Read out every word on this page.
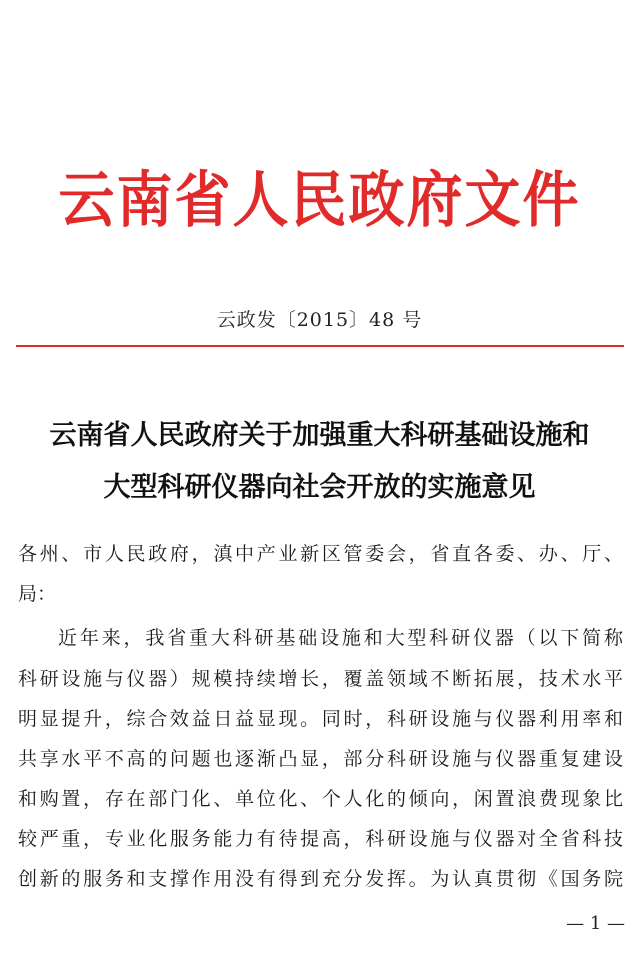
云南省人民政府文件
云政发〔2015〕48 号
云南省人民政府关于加强重大科研基础设施和
大型科研仪器向社会开放的实施意见
各州、市人民政府，滇中产业新区管委会，省直各委、办、厅、
局：
近年来，我省重大科研基础设施和大型科研仪器（以下简称
科研设施与仪器）规模持续增长，覆盖领域不断拓展，技术水平
明显提升，综合效益日益显现。同时，科研设施与仪器利用率和
共享水平不高的问题也逐渐凸显，部分科研设施与仪器重复建设
和购置，存在部门化、单位化、个人化的倾向，闲置浪费现象比
较严重，专业化服务能力有待提高，科研设施与仪器对全省科技
创新的服务和支撑作用没有得到充分发挥。为认真贯彻《国务院
— 1 —
